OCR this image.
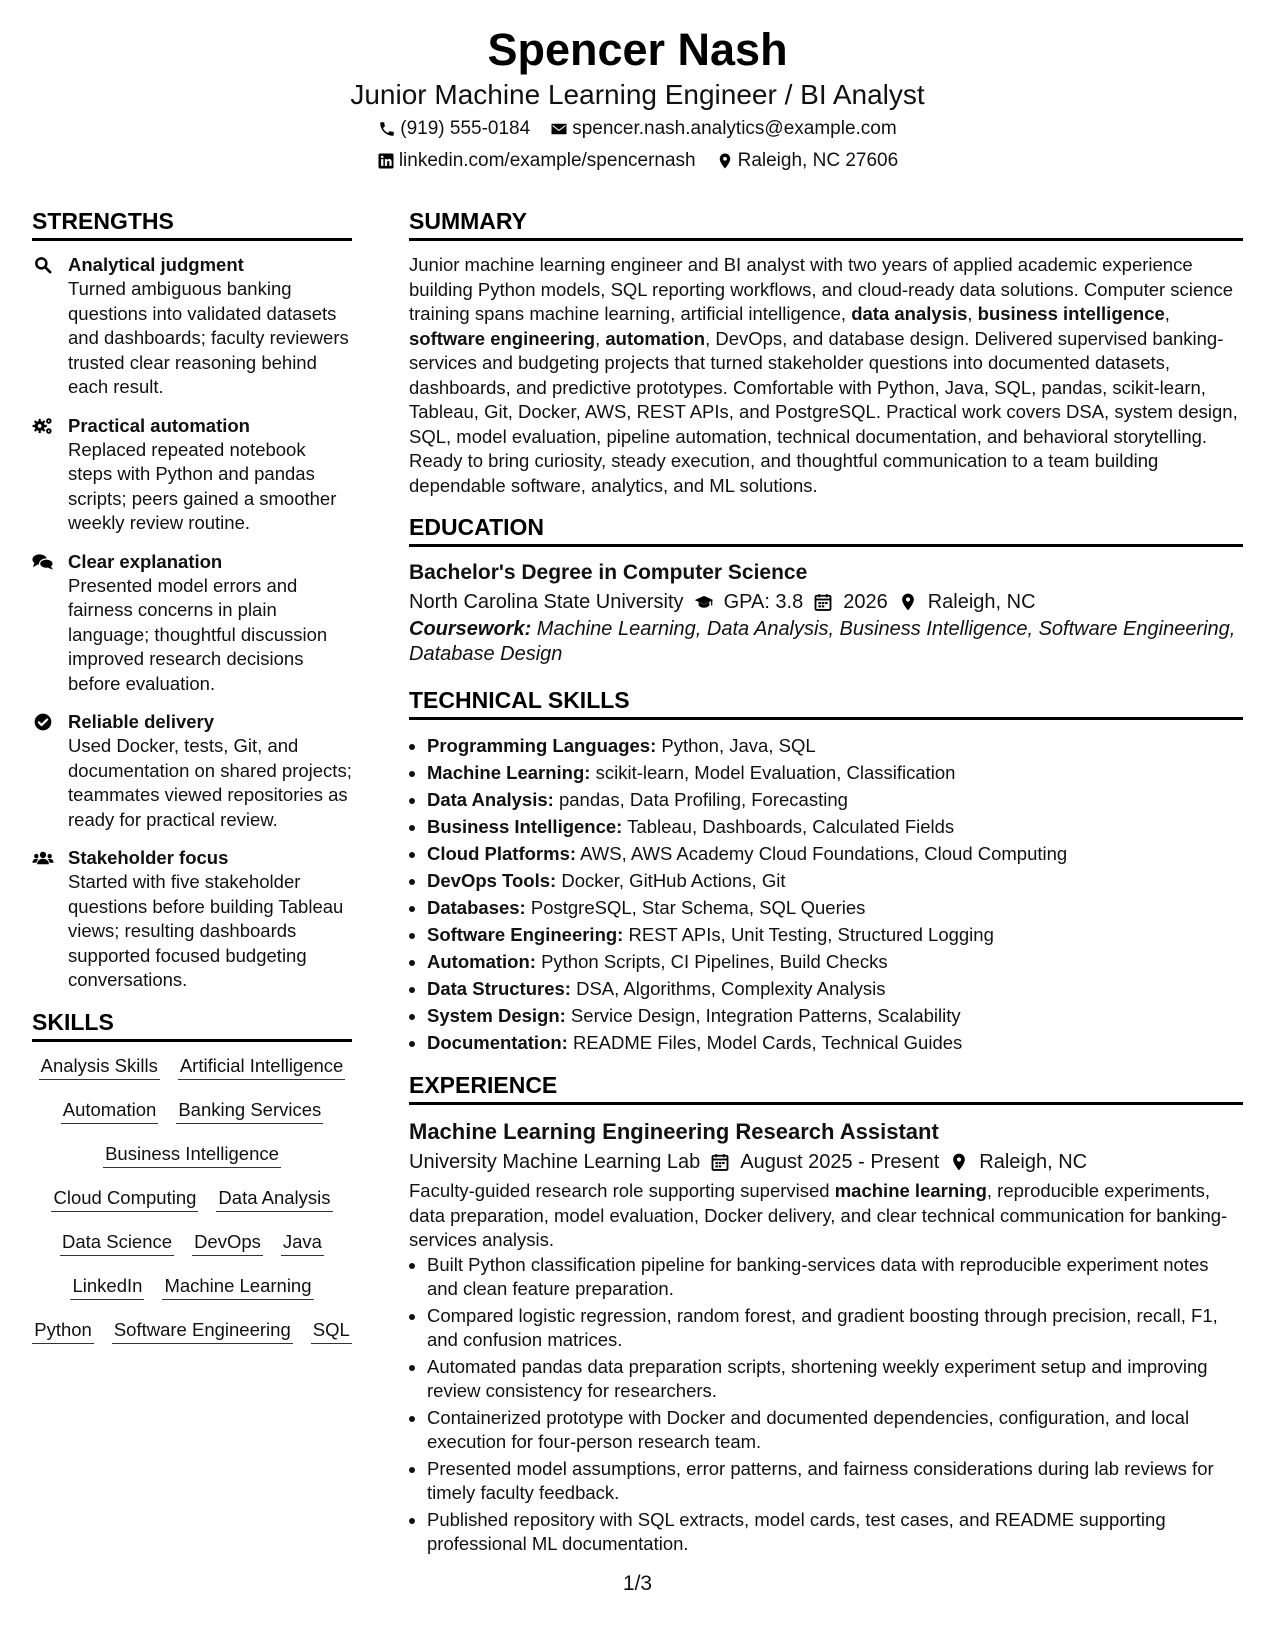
Spencer Nash
Junior Machine Learning Engineer / BI Analyst
(919) 555-0184 spencer.nash.analytics@example.com
linkedin.com/example/spencernash Raleigh, NC 27606
STRENGTHS
Analytical judgment
Turned ambiguous banking questions into validated datasets and dashboards; faculty reviewers trusted clear reasoning behind each result.
Practical automation
Replaced repeated notebook steps with Python and pandas scripts; peers gained a smoother weekly review routine.
Clear explanation
Presented model errors and fairness concerns in plain language; thoughtful discussion improved research decisions before evaluation.
Reliable delivery
Used Docker, tests, Git, and documentation on shared projects; teammates viewed repositories as ready for practical review.
Stakeholder focus
Started with five stakeholder questions before building Tableau views; resulting dashboards supported focused budgeting conversations.
SKILLS
Analysis Skills Artificial Intelligence
Automation Banking Services
Business Intelligence
Cloud Computing Data Analysis
Data Science DevOps Java
LinkedIn Machine Learning
Python Software Engineering SQL
SUMMARY

Junior machine learning engineer and BI analyst with two years of applied academic experience building Python models, SQL reporting workflows, and cloud-ready data solutions. Computer science training spans machine learning, artificial intelligence, data analysis, business intelligence, software engineering, automation, DevOps, and database design. Delivered supervised banking-services and budgeting projects that turned stakeholder questions into documented datasets, dashboards, and predictive prototypes. Comfortable with Python, Java, SQL, pandas, scikit-learn, Tableau, Git, Docker, AWS, REST APIs, and PostgreSQL. Practical work covers DSA, system design, SQL, model evaluation, pipeline automation, technical documentation, and behavioral storytelling. Ready to bring curiosity, steady execution, and thoughtful communication to a team building dependable software, analytics, and ML solutions.

EDUCATION
Bachelor's Degree in Computer Science
North Carolina State University GPA: 3.8 2026 Raleigh, NC
Coursework: Machine Learning, Data Analysis, Business Intelligence, Software Engineering, Database Design
TECHNICAL SKILLS
• Programming Languages: Python, Java, SQL
• Machine Learning: scikit-learn, Model Evaluation, Classification
• Data Analysis: pandas, Data Profiling, Forecasting
• Business Intelligence: Tableau, Dashboards, Calculated Fields
• Cloud Platforms: AWS, AWS Academy Cloud Foundations, Cloud Computing
• DevOps Tools: Docker, GitHub Actions, Git
• Databases: PostgreSQL, Star Schema, SQL Queries
• Software Engineering: REST APIs, Unit Testing, Structured Logging
• Automation: Python Scripts, CI Pipelines, Build Checks
• Data Structures: DSA, Algorithms, Complexity Analysis
• System Design: Service Design, Integration Patterns, Scalability
• Documentation: README Files, Model Cards, Technical Guides
EXPERIENCE
Machine Learning Engineering Research Assistant
University Machine Learning Lab August 2025 - Present Raleigh, NC

Faculty-guided research role supporting supervised machine learning, reproducible experiments, data preparation, model evaluation, Docker delivery, and clear technical communication for banking-services analysis.

• Built Python classification pipeline for banking-services data with reproducible experiment notes and clean feature preparation.
• Compared logistic regression, random forest, and gradient boosting through precision, recall, F1, and confusion matrices.
• Automated pandas data preparation scripts, shortening weekly experiment setup and improving review consistency for researchers.
• Containerized prototype with Docker and documented dependencies, configuration, and local execution for four-person research team.
• Presented model assumptions, error patterns, and fairness considerations during lab reviews for timely faculty feedback.
• Published repository with SQL extracts, model cards, test cases, and README supporting professional ML documentation.
1/3
